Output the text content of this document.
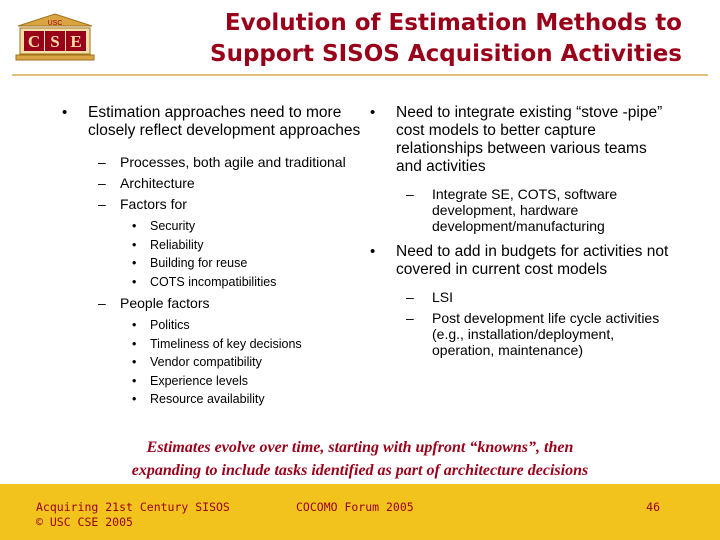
USC
C S E
Evolution of Estimation Methods to
Support SISOS Acquisition Activities
• Estimation approaches need to more closely reflect development approaches
– Processes, both agile and traditional
– Architecture
– Factors for
• Security
• Reliability
• Building for reuse
• COTS incompatibilities
– People factors
• Politics
• Timeliness of key decisions
• Vendor compatibility
• Experience levels
• Resource availability
• Need to integrate existing “stove -pipe” cost models to better capture relationships between various teams and activities
– Integrate SE, COTS, software development, hardware development/manufacturing
• Need to add in budgets for activities not covered in current cost models
– LSI
– Post development life cycle activities (e.g., installation/deployment, operation, maintenance)
Estimates evolve over time, starting with upfront “knowns”, then
expanding to include tasks identified as part of architecture decisions
Acquiring 21st Century SISOS
© USC CSE 2005
COCOMO Forum 2005	46
